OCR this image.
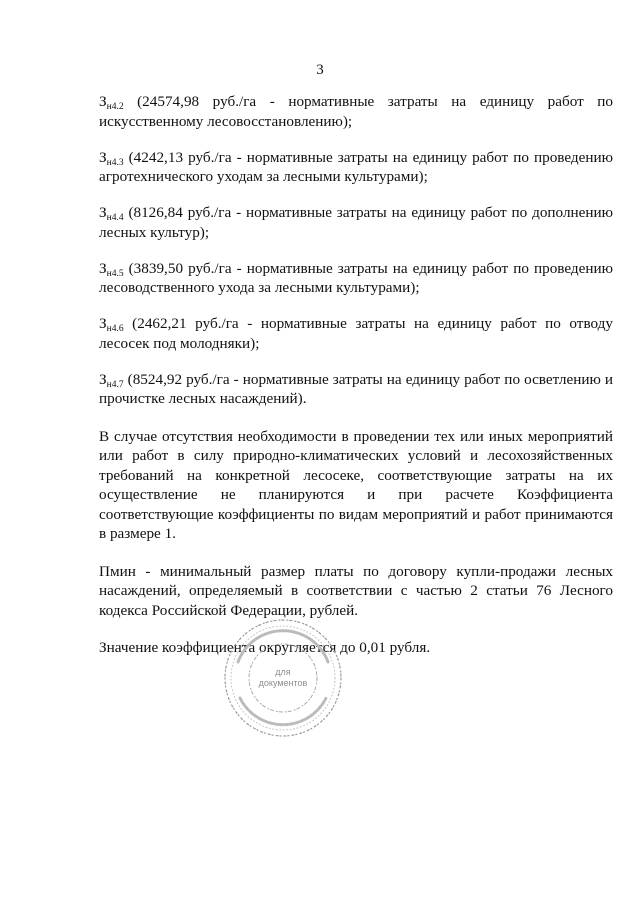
3

$З_{н4.2}$ (24574,98 руб./га - нормативные затраты на единицу работ по искусственному лесовосстановлению);

$З_{н4.3}$ (4242,13 руб./га - нормативные затраты на единицу работ по проведению агротехнического уходам за лесными культурами);

$З_{н4.4}$ (8126,84 руб./га - нормативные затраты на единицу работ по дополнению лесных культур);

$З_{н4.5}$ (3839,50 руб./га - нормативные затраты на единицу работ по проведению лесоводственного ухода за лесными культурами);

$З_{н4.6}$ (2462,21 руб./га - нормативные затраты на единицу работ по отводу лесосек под молодняки);

$З_{н4.7}$ (8524,92 руб./га - нормативные затраты на единицу работ по осветлению и прочистке лесных насаждений).

В случае отсутствия необходимости в проведении тех или иных мероприятий или работ в силу природно-климатических условий и лесохозяйственных требований на конкретной лесосеке, соответствующие затраты на их осуществление не планируются и при расчете Коэффициента соответствующие коэффициенты по видам мероприятий и работ принимаются в размере 1.

Пмин - минимальный размер платы по договору купли-продажи лесных насаждений, определяемый в соответствии с частью 2 статьи 76 Лесного кодекса Российской Федерации, рублей.

Значение коэффициента округляется до 0,01 рубля.

для
документов
